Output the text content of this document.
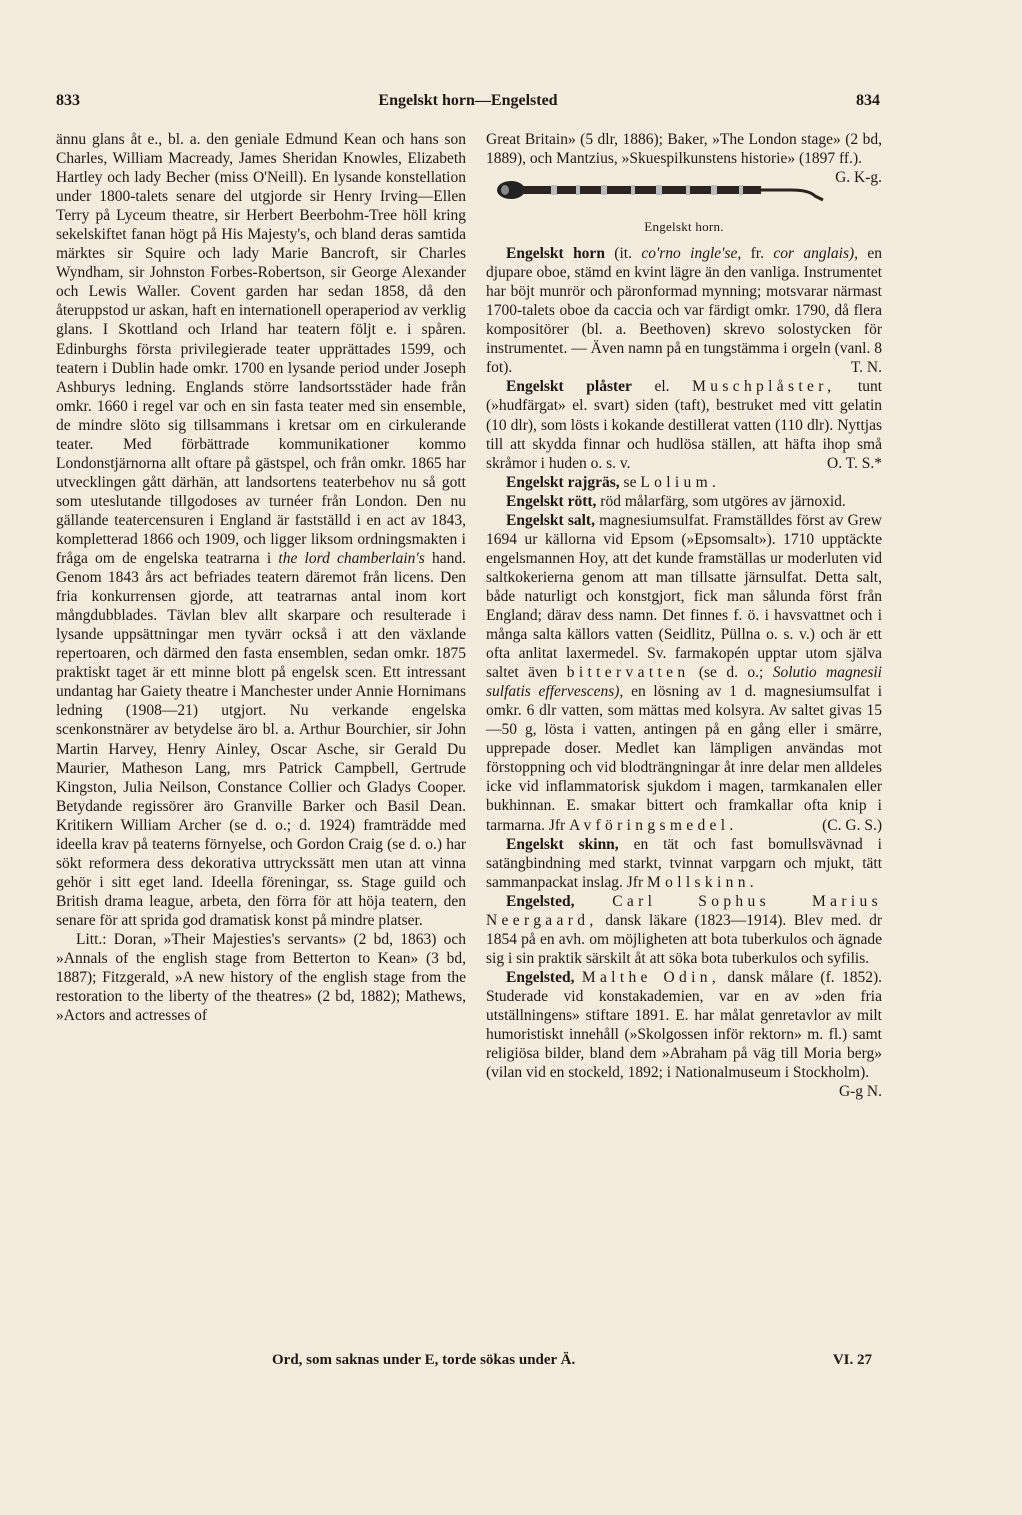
833	Engelskt horn—Engelsted	834

ännu glans åt e., bl. a. den geniale Edmund Kean och hans son Charles, William Macready, James Sheridan Knowles, Elizabeth Hartley och lady Becher (miss O'Neill). En lysande konstellation under 1800-talets senare del utgjorde sir Henry Irving—Ellen Terry på Lyceum theatre, sir Herbert Beerbohm-Tree höll kring sekelskiftet fanan högt på His Majesty's, och bland deras samtida märktes sir Squire och lady Marie Bancroft, sir Charles Wyndham, sir Johnston Forbes-Robertson, sir George Alexander och Lewis Waller. Covent garden har sedan 1858, då den återuppstod ur askan, haft en internationell operaperiod av verklig glans. I Skottland och Irland har teatern följt e. i spåren. Edinburghs första privilegierade teater upprättades 1599, och teatern i Dublin hade omkr. 1700 en lysande period under Joseph Ashburys ledning. Englands större landsortsstäder hade från omkr. 1660 i regel var och en sin fasta teater med sin ensemble, de mindre slöto sig tillsammans i kretsar om en cirkulerande teater. Med förbättrade kommunikationer kommo Londonstjärnorna allt oftare på gästspel, och från omkr. 1865 har utvecklingen gått därhän, att landsortens teaterbehov nu så gott som uteslutande tillgodoses av turnéer från London. Den nu gällande teatercensuren i England är fastställd i en act av 1843, kompletterad 1866 och 1909, och ligger liksom ordningsmakten i fråga om de engelska teatrarna i the lord chamberlain's hand. Genom 1843 års act befriades teatern däremot från licens. Den fria konkurrensen gjorde, att teatrarnas antal inom kort mångdubblades. Tävlan blev allt skarpare och resulterade i lysande uppsättningar men tyvärr också i att den växlande repertoaren, och därmed den fasta ensemblen, sedan omkr. 1875 praktiskt taget är ett minne blott på engelsk scen. Ett intressant undantag har Gaiety theatre i Manchester under Annie Hornimans ledning (1908—21) utgjort. Nu verkande engelska scenkonstnärer av betydelse äro bl. a. Arthur Bourchier, sir John Martin Harvey, Henry Ainley, Oscar Asche, sir Gerald Du Maurier, Matheson Lang, mrs Patrick Campbell, Gertrude Kingston, Julia Neilson, Constance Collier och Gladys Cooper. Betydande regissörer äro Granville Barker och Basil Dean. Kritikern William Archer (se d. o.; d. 1924) framträdde med ideella krav på teaterns förnyelse, och Gordon Craig (se d. o.) har sökt reformera dess dekorativa uttryckssätt men utan att vinna gehör i sitt eget land. Ideella föreningar, ss. Stage guild och British drama league, arbeta, den förra för att höja teatern, den senare för att sprida god dramatisk konst på mindre platser.

Litt.: Doran, »Their Majesties's servants» (2 bd, 1863) och »Annals of the english stage from Betterton to Kean» (3 bd, 1887); Fitzgerald, »A new history of the english stage from the restoration to the liberty of the theatres» (2 bd, 1882); Mathews, »Actors and actresses of

Great Britain» (5 dlr, 1886); Baker, »The London stage» (2 bd, 1889), och Mantzius, »Skuespilkunstens historie» (1897 ff.).
G. K-g.

Engelskt horn.

Engelskt horn (it. co'rno ingle'se, fr. cor anglais), en djupare oboe, stämd en kvint lägre än den vanliga. Instrumentet har böjt munrör och päronformad mynning; motsvarar närmast 1700-talets oboe da caccia och var färdigt omkr. 1790, då flera kompositörer (bl. a. Beethoven) skrevo solostycken för instrumentet. — Även namn på en tungstämma i orgeln (vanl. 8 fot).	T. N.

Engelskt plåster el. Muschplåster, tunt (»hudfärgat» el. svart) siden (taft), bestruket med vitt gelatin (10 dlr), som lösts i kokande destillerat vatten (110 dlr). Nyttjas till att skydda finnar och hudlösa ställen, att häfta ihop små skråmor i huden o. s. v.	O. T. S.*

Engelskt rajgräs, se Lolium.

Engelskt rött, röd målarfärg, som utgöres av järnoxid.

Engelskt salt, magnesiumsulfat. Framställdes först av Grew 1694 ur källorna vid Epsom (»Epsomsalt»). 1710 upptäckte engelsmannen Hoy, att det kunde framställas ur moderluten vid saltkokerierna genom att man tillsatte järnsulfat. Detta salt, både naturligt och konstgjort, fick man sålunda först från England; därav dess namn. Det finnes f. ö. i havsvattnet och i många salta källors vatten (Seidlitz, Püllna o. s. v.) och är ett ofta anlitat laxermedel. Sv. farmakopén upptar utom själva saltet även bittervatten (se d. o.; Solutio magnesii sulfatis effervescens), en lösning av 1 d. magnesiumsulfat i omkr. 6 dlr vatten, som mättas med kolsyra. Av saltet givas 15—50 g, lösta i vatten, antingen på en gång eller i smärre, upprepade doser. Medlet kan lämpligen användas mot förstoppning och vid blodträngningar åt inre delar men alldeles icke vid inflammatorisk sjukdom i magen, tarmkanalen eller bukhinnan. E. smakar bittert och framkallar ofta knip i tarmarna. Jfr Avföringsmedel.	(C. G. S.)

Engelskt skinn, en tät och fast bomullsvävnad i satängbindning med starkt, tvinnat varpgarn och mjukt, tätt sammanpackat inslag. Jfr Mollskinn.

Engelsted, Carl Sophus Marius Neergaard, dansk läkare (1823—1914). Blev med. dr 1854 på en avh. om möjligheten att bota tuberkulos och ägnade sig i sin praktik särskilt åt att söka bota tuberkulos och syfilis.

Engelsted, Malthe Odin, dansk målare (f. 1852). Studerade vid konstakademien, var en av »den fria utställningens» stiftare 1891. E. har målat genretavlor av milt humoristiskt innehåll (»Skolgossen inför rektorn» m. fl.) samt religiösa bilder, bland dem »Abraham på väg till Moria berg» (vilan vid en stockeld, 1892; i Nationalmuseum i Stockholm).
G-g N.

Ord, som saknas under E, torde sökas under Ä.	VI. 27
